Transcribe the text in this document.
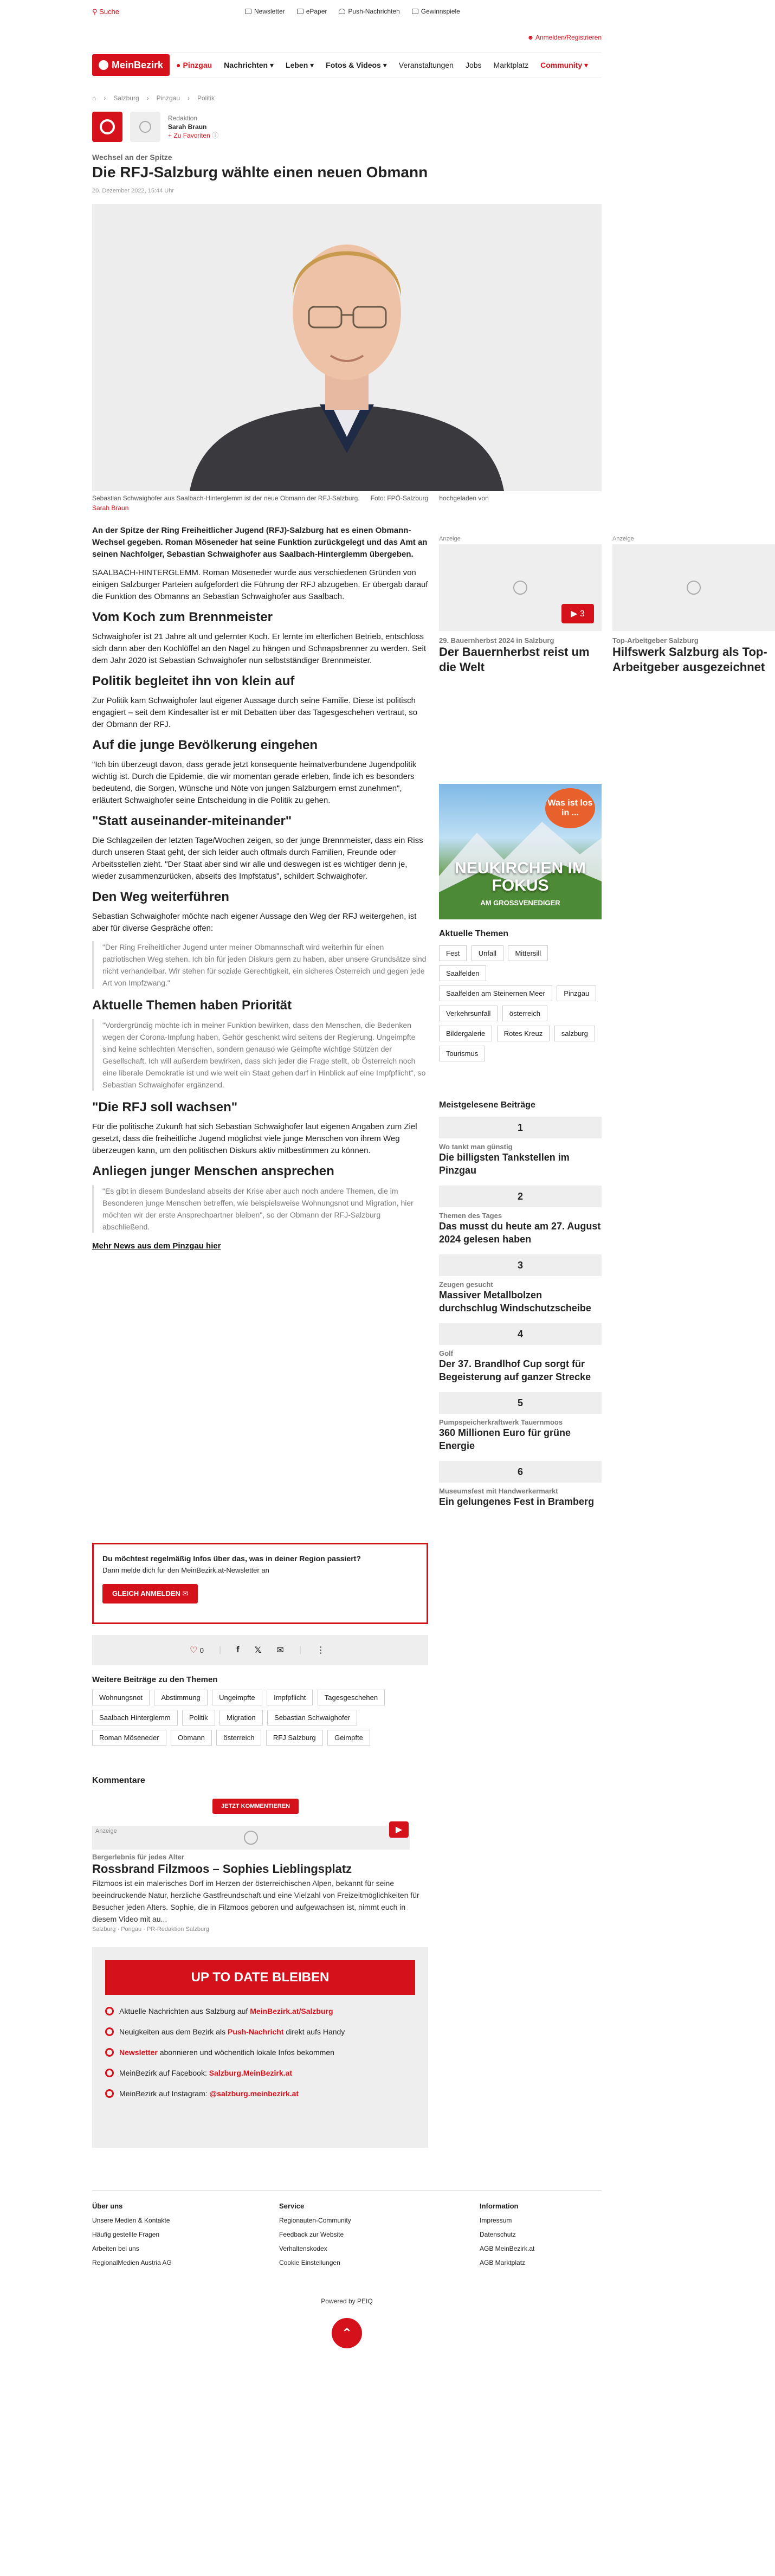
⚲ Suche	Newsletter	ePaper	Push-Nachrichten	Gewinnspiele
☻ Anmelden/Registrieren
MeinBezirk ● Pinzgau Nachrichten ▾ Leben ▾ Fotos & Videos ▾ Veranstaltungen Jobs Marktplatz Community ▾
⌂ › Salzburg › Pinzgau › Politik
Redaktion
Sarah Braun
+ Zu Favoriten ⓘ
Wechsel an der Spitze
Die RFJ-Salzburg wählte einen neuen Obmann
20. Dezember 2022, 15:44 Uhr
Sebastian Schwaighofer aus Saalbach-Hinterglemm ist der neue Obmann der RFJ-Salzburg. Foto: FPÖ-Salzburg hochgeladen von
Sarah Braun

An der Spitze der Ring Freiheitlicher Jugend (RFJ)-Salzburg hat es einen Obmann-Wechsel gegeben. Roman Möseneder hat seine Funktion zurückgelegt und das Amt an seinen Nachfolger, Sebastian Schwaighofer aus Saalbach-Hinterglemm übergeben.

SAALBACH-HINTERGLEMM. Roman Möseneder wurde aus verschiedenen Gründen von einigen Salzburger Parteien aufgefordert die Führung der RFJ abzugeben. Er übergab darauf die Funktion des Obmanns an Sebastian Schwaighofer aus Saalbach.

Vom Koch zum Brennmeister

Schwaighofer ist 21 Jahre alt und gelernter Koch. Er lernte im elterlichen Betrieb, entschloss sich dann aber den Kochlöffel an den Nagel zu hängen und Schnapsbrenner zu werden. Seit dem Jahr 2020 ist Sebastian Schwaighofer nun selbstständiger Brennmeister.

Politik begleitet ihn von klein auf

Zur Politik kam Schwaighofer laut eigener Aussage durch seine Familie. Diese ist politisch engagiert – seit dem Kindesalter ist er mit Debatten über das Tagesgeschehen vertraut, so der Obmann der RFJ.

Auf die junge Bevölkerung eingehen

"Ich bin überzeugt davon, dass gerade jetzt konsequente heimatverbundene Jugendpolitik wichtig ist. Durch die Epidemie, die wir momentan gerade erleben, finde ich es besonders bedeutend, die Sorgen, Wünsche und Nöte von jungen Salzburgern ernst zunehmen", erläutert Schwaighofer seine Entscheidung in die Politik zu gehen.

"Statt auseinander-miteinander"

Die Schlagzeilen der letzten Tage/Wochen zeigen, so der junge Brennmeister, dass ein Riss durch unseren Staat geht, der sich leider auch oftmals durch Familien, Freunde oder Arbeitsstellen zieht. "Der Staat aber sind wir alle und deswegen ist es wichtiger denn je, wieder zusammenzurücken, abseits des Impfstatus", schildert Schwaighofer.

Den Weg weiterführen

Sebastian Schwaighofer möchte nach eigener Aussage den Weg der RFJ weitergehen, ist aber für diverse Gespräche offen:

"Der Ring Freiheitlicher Jugend unter meiner Obmannschaft wird weiterhin für einen patriotischen Weg stehen. Ich bin für jeden Diskurs gern zu haben, aber unsere Grundsätze sind nicht verhandelbar. Wir stehen für soziale Gerechtigkeit, ein sicheres Österreich und gegen jede Art von Impfzwang."
Aktuelle Themen haben Priorität
"Vordergründig möchte ich in meiner Funktion bewirken, dass den Menschen, die Bedenken wegen der Corona-Impfung haben, Gehör geschenkt wird seitens der Regierung. Ungeimpfte sind keine schlechten Menschen, sondern genauso wie Geimpfte wichtige Stützen der Gesellschaft. Ich will außerdem bewirken, dass sich jeder die Frage stellt, ob Österreich noch eine liberale Demokratie ist und wie weit ein Staat gehen darf in Hinblick auf eine Impfpflicht", so Sebastian Schwaighofer ergänzend.
"Die RFJ soll wachsen"

Für die politische Zukunft hat sich Sebastian Schwaighofer laut eigenen Angaben zum Ziel gesetzt, dass die freiheitliche Jugend möglichst viele junge Menschen von ihrem Weg überzeugen kann, um den politischen Diskurs aktiv mitbestimmen zu können.

Anliegen junger Menschen ansprechen
"Es gibt in diesem Bundesland abseits der Krise aber auch noch andere Themen, die im Besonderen junge Menschen betreffen, wie beispielsweise Wohnungsnot und Migration, hier möchten wir der erste Ansprechpartner bleiben", so der Obmann der RFJ-Salzburg abschließend.
Mehr News aus dem Pinzgau hier
Anzeige
▶ 3
29. Bauernherbst 2024 in Salzburg
Der Bauernherbst reist um die Welt
Anzeige
Top-Arbeitgeber Salzburg
Hilfswerk Salzburg als Top-Arbeitgeber ausgezeichnet
Was ist los in ...
NEUKIRCHEN IM FOKUS
AM GROSSVENEDIGER
Aktuelle Themen
Fest	Unfall	Mittersill Saalfelden Saalfelden am Steinernen Meer	Pinzgau Verkehrsunfall	österreich Bildergalerie	Rotes Kreuz	salzburg Tourismus
Meistgelesene Beiträge
1
Wo tankt man günstig
Die billigsten Tankstellen im Pinzgau
2
Themen des Tages
Das musst du heute am 27. August 2024 gelesen haben
3
Zeugen gesucht
Massiver Metallbolzen durchschlug Windschutzscheibe
4
Golf
Der 37. Brandlhof Cup sorgt für Begeisterung auf ganzer Strecke
5
Pumpspeicherkraftwerk Tauernmoos
360 Millionen Euro für grüne Energie
6
Museumsfest mit Handwerkermarkt
Ein gelungenes Fest in Bramberg
Du möchtest regelmäßig Infos über das, was in deiner Region passiert?
Dann melde dich für den MeinBezirk.at-Newsletter an
GLEICH ANMELDEN ✉
♡ 0 | f 𝕏 ✉ | ⋮
Weitere Beiträge zu den Themen
Wohnungsnot	Abstimmung	Ungeimpfte	Impfpflicht	Tagesgeschehen Saalbach Hinterglemm	Politik	Migration	Sebastian Schwaighofer Roman Möseneder	Obmann	österreich	RFJ Salzburg	Geimpfte
Kommentare
JETZT KOMMENTIEREN
Anzeige	▶
Bergerlebnis für jedes Alter
Rossbrand Filzmoos – Sophies Lieblingsplatz
Filzmoos ist ein malerisches Dorf im Herzen der österreichischen Alpen, bekannt für seine beeindruckende Natur, herzliche Gastfreundschaft und eine Vielzahl von Freizeitmöglichkeiten für Besucher jeden Alters. Sophie, die in Filzmoos geboren und aufgewachsen ist, nimmt euch in diesem Video mit au...
Salzburg · Pongau · PR-Redaktion Salzburg
UP TO DATE BLEIBEN
Aktuelle Nachrichten aus Salzburg auf MeinBezirk.at/Salzburg
Neuigkeiten aus dem Bezirk als Push-Nachricht direkt aufs Handy
Newsletter abonnieren und wöchentlich lokale Infos bekommen
MeinBezirk auf Facebook: Salzburg.MeinBezirk.at
MeinBezirk auf Instagram: @salzburg.meinbezirk.at
Über uns
Unsere Medien & Kontakte
Häufig gestellte Fragen
Arbeiten bei uns
RegionalMedien Austria AG
Service
Regionauten-Community
Feedback zur Website
Verhaltenskodex
Cookie Einstellungen
Information
Impressum
Datenschutz
AGB MeinBezirk.at
AGB Marktplatz
Powered by PEIQ
⌃
